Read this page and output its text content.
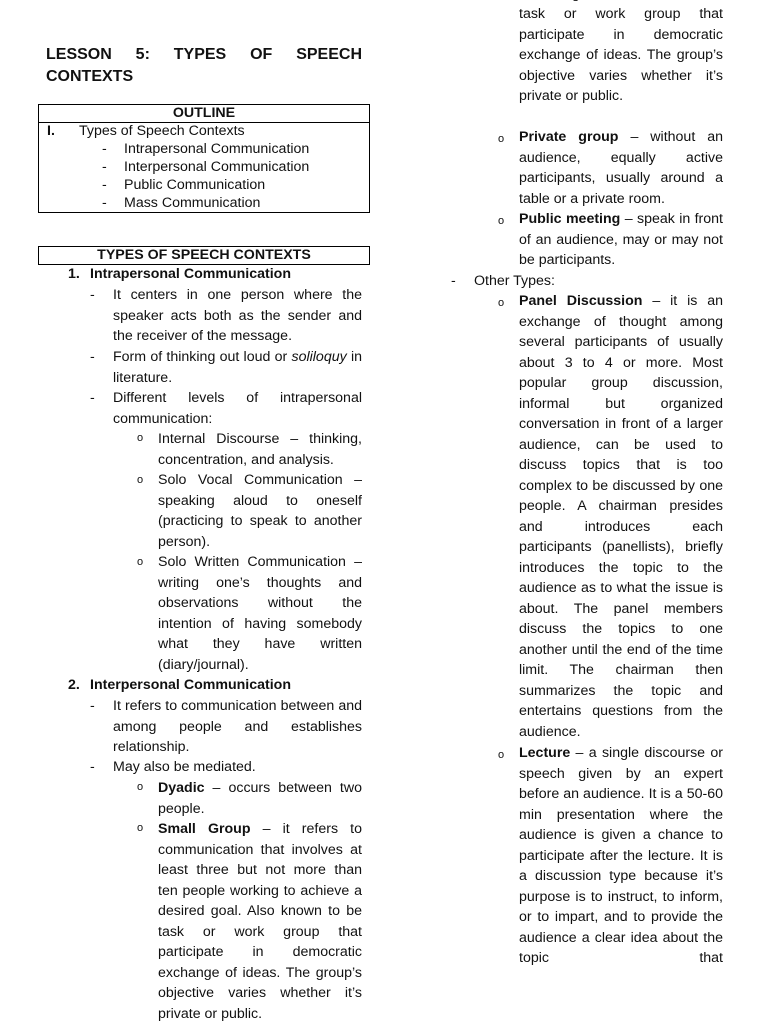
LESSON 5: TYPES OF SPEECH CONTEXTS
OUTLINE
I. Types of Speech Contexts
- Intrapersonal Communication
- Interpersonal Communication
- Public Communication
- Mass Communication
TYPES OF SPEECH CONTEXTS
1. Intrapersonal Communication
- It centers in one person where the speaker acts both as the sender and the receiver of the message.
- Form of thinking out loud or soliloquy in literature.
- Different levels of intrapersonal communication:
o Internal Discourse – thinking, concentration, and analysis.
o Solo Vocal Communication – speaking aloud to oneself (practicing to speak to another person).
o Solo Written Communication – writing one’s thoughts and observations without the intention of having somebody what they have written (diary/journal).
2. Interpersonal Communication
- It refers to communication between and among people and establishes relationship.
- May also be mediated.
o Dyadic – occurs between two people.
o Small Group – it refers to communication that involves at least three but not more than ten people working to achieve a desired goal. Also known to be task or work group that participate in democratic exchange of ideas. The group’s objective varies whether it’s private or public.
task or work group that participate in democratic exchange of ideas. The group’s objective varies whether it’s private or public.
o Private group – without an audience, equally active participants, usually around a table or a private room.
o Public meeting – speak in front of an audience, may or may not be participants.
- Other Types:
o Panel Discussion – it is an exchange of thought among several participants of usually about 3 to 4 or more. Most popular group discussion, informal but organized conversation in front of a larger audience, can be used to discuss topics that is too complex to be discussed by one people. A chairman presides and introduces each participants (panellists), briefly introduces the topic to the audience as to what the issue is about. The panel members discuss the topics to one another until the end of the time limit. The chairman then summarizes the topic and entertains questions from the audience.
o Lecture – a single discourse or speech given by an expert before an audience. It is a 50-60 min presentation where the audience is given a chance to participate after the lecture. It is a discussion type because it’s purpose is to instruct, to inform, or to impart, and to provide the audience a clear idea about the topic that
